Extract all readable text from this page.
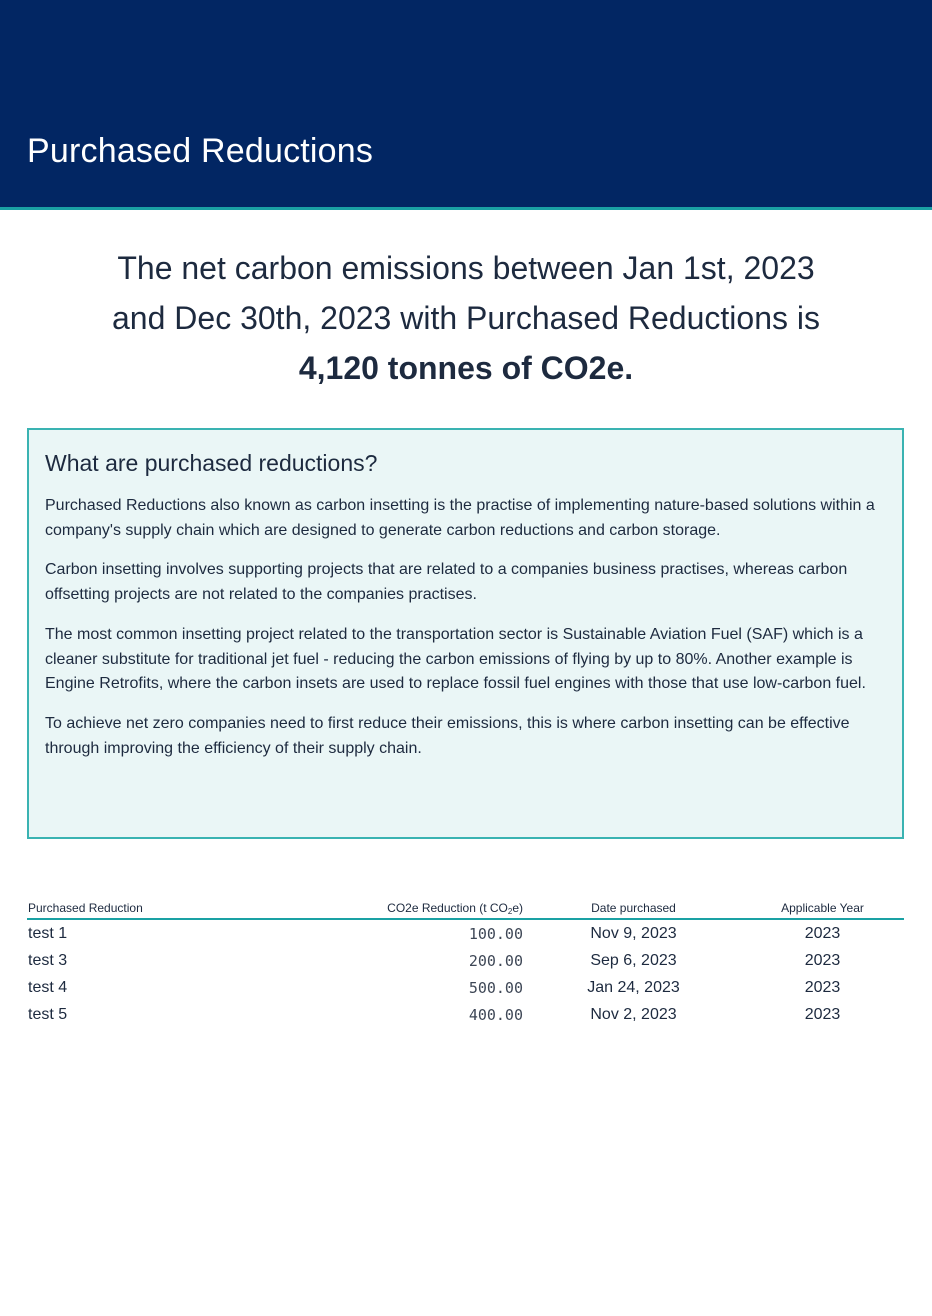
Purchased Reductions

The net carbon emissions between Jan 1st, 2023
and Dec 30th, 2023 with Purchased Reductions is
4,120 tonnes of CO2e.

What are purchased reductions?

Purchased Reductions also known as carbon insetting is the practise of implementing nature-based solutions within a company's supply chain which are designed to generate carbon reductions and carbon storage.

Carbon insetting involves supporting projects that are related to a companies business practises, whereas carbon offsetting projects are not related to the companies practises.

The most common insetting project related to the transportation sector is Sustainable Aviation Fuel (SAF) which is a cleaner substitute for traditional jet fuel - reducing the carbon emissions of flying by up to 80%. Another example is Engine Retrofits, where the carbon insets are used to replace fossil fuel engines with those that use low-carbon fuel.

To achieve net zero companies need to first reduce their emissions, this is where carbon insetting can be effective through improving the efficiency of their supply chain.

Purchased Reduction	CO2e Reduction (t $CO_2e$)	Date purchased	Applicable Year
test 1	100.00	Nov 9, 2023	2023
test 3	200.00	Sep 6, 2023	2023
test 4	500.00	Jan 24, 2023	2023
test 5	400.00	Nov 2, 2023	2023
